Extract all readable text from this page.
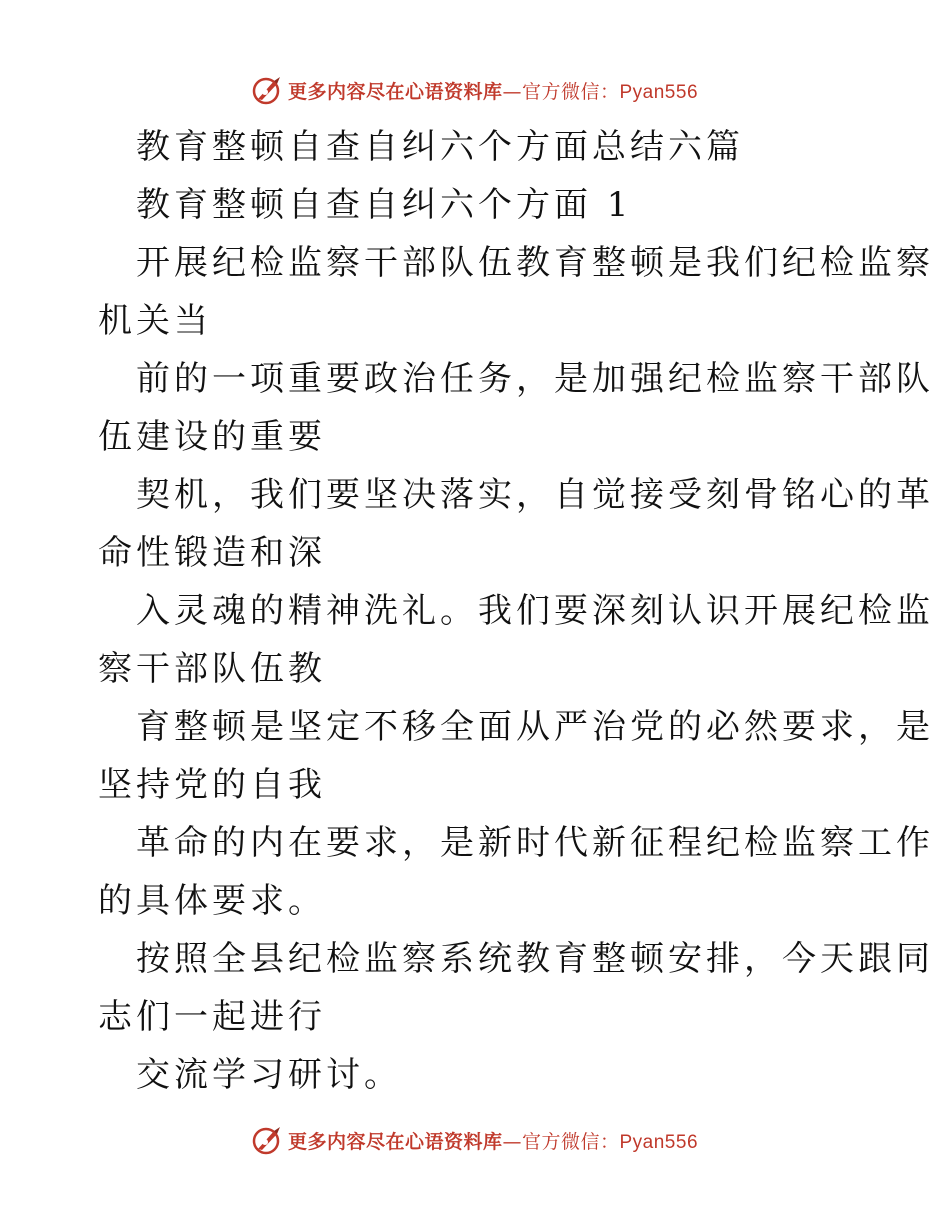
更多内容尽在心语资料库—官方微信：Pyan556
教育整顿自查自纠六个方面总结六篇
教育整顿自查自纠六个方面 1
开展纪检监察干部队伍教育整顿是我们纪检监察
机关当
前的一项重要政治任务，是加强纪检监察干部队
伍建设的重要
契机，我们要坚决落实，自觉接受刻骨铭心的革
命性锻造和深
入灵魂的精神洗礼。我们要深刻认识开展纪检监
察干部队伍教
育整顿是坚定不移全面从严治党的必然要求，是
坚持党的自我
革命的内在要求，是新时代新征程纪检监察工作
的具体要求。
按照全县纪检监察系统教育整顿安排，今天跟同
志们一起进行
交流学习研讨。
更多内容尽在心语资料库—官方微信：Pyan556
